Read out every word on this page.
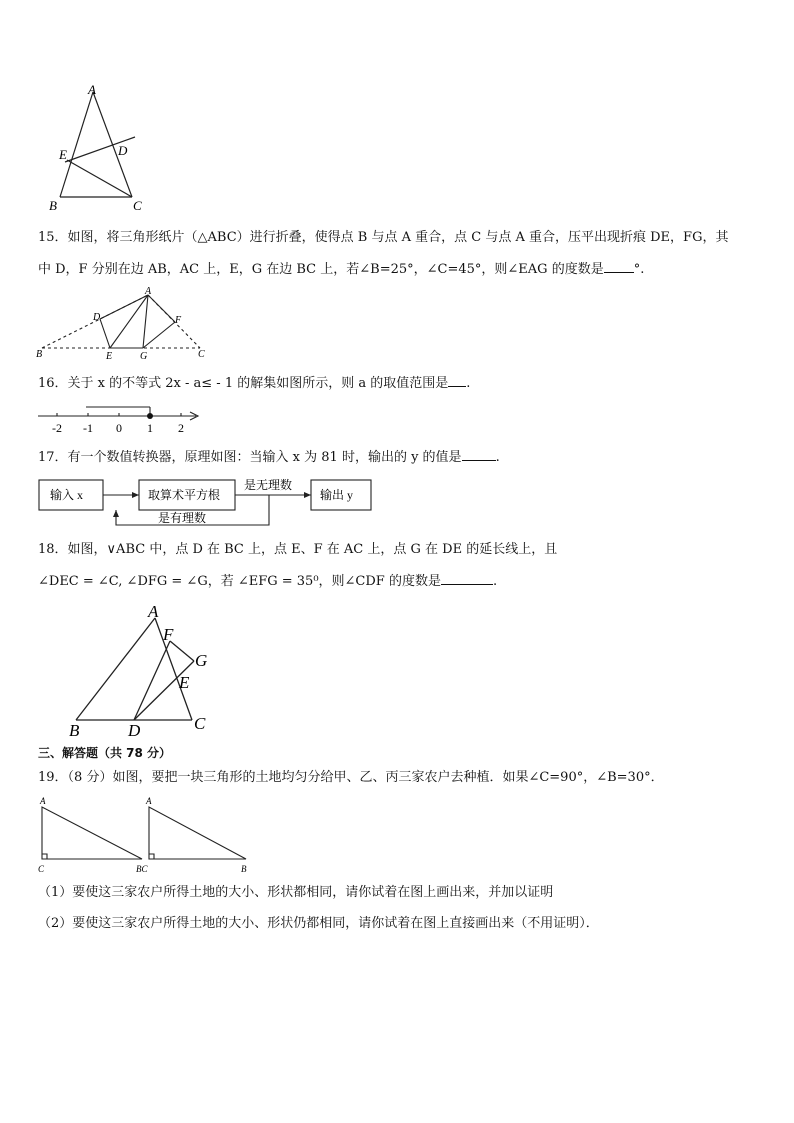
A
E	D
B	C
15．如图，将三角形纸片（△ABC）进行折叠，使得点 B 与点 A 重合，点 C 与点 A 重合，压平出现折痕 DE，FG，其
中 D，F 分别在边 AB，AC 上，E，G 在边 BC 上，若∠B=25°，∠C=45°，则∠EAG 的度数是 °.
A
D	F
B	E	G	C
16．关于 x 的不等式 2x - a≤ - 1 的解集如图所示，则 a 的取值范围是 .
-2 -1 0 1 2
17．有一个数值转换器，原理如图：当输入 x 为 81 时，输出的 y 的值是	.
输入 x	取算术平方根	输出 y
是无理数
是有理数
18．如图，∨ABC 中，点 D 在 BC 上，点 E、F 在 AC 上，点 G 在 DE 的延长线上，且
∠DEC = ∠C, ∠DFG = ∠G，若 ∠EFG = 35⁰，则∠CDF 的度数是	.
A
F
G
E
B	D	C
三、解答题（共 78 分）
19．（8 分）如图，要把一块三角形的土地均匀分给甲、乙、丙三家农户去种植．如果∠C=90°，∠B=30°．
A
C	BC
A
B
（1）要使这三家农户所得土地的大小、形状都相同，请你试着在图上画出来，并加以证明
（2）要使这三家农户所得土地的大小、形状仍都相同，请你试着在图上直接画出来（不用证明）．
